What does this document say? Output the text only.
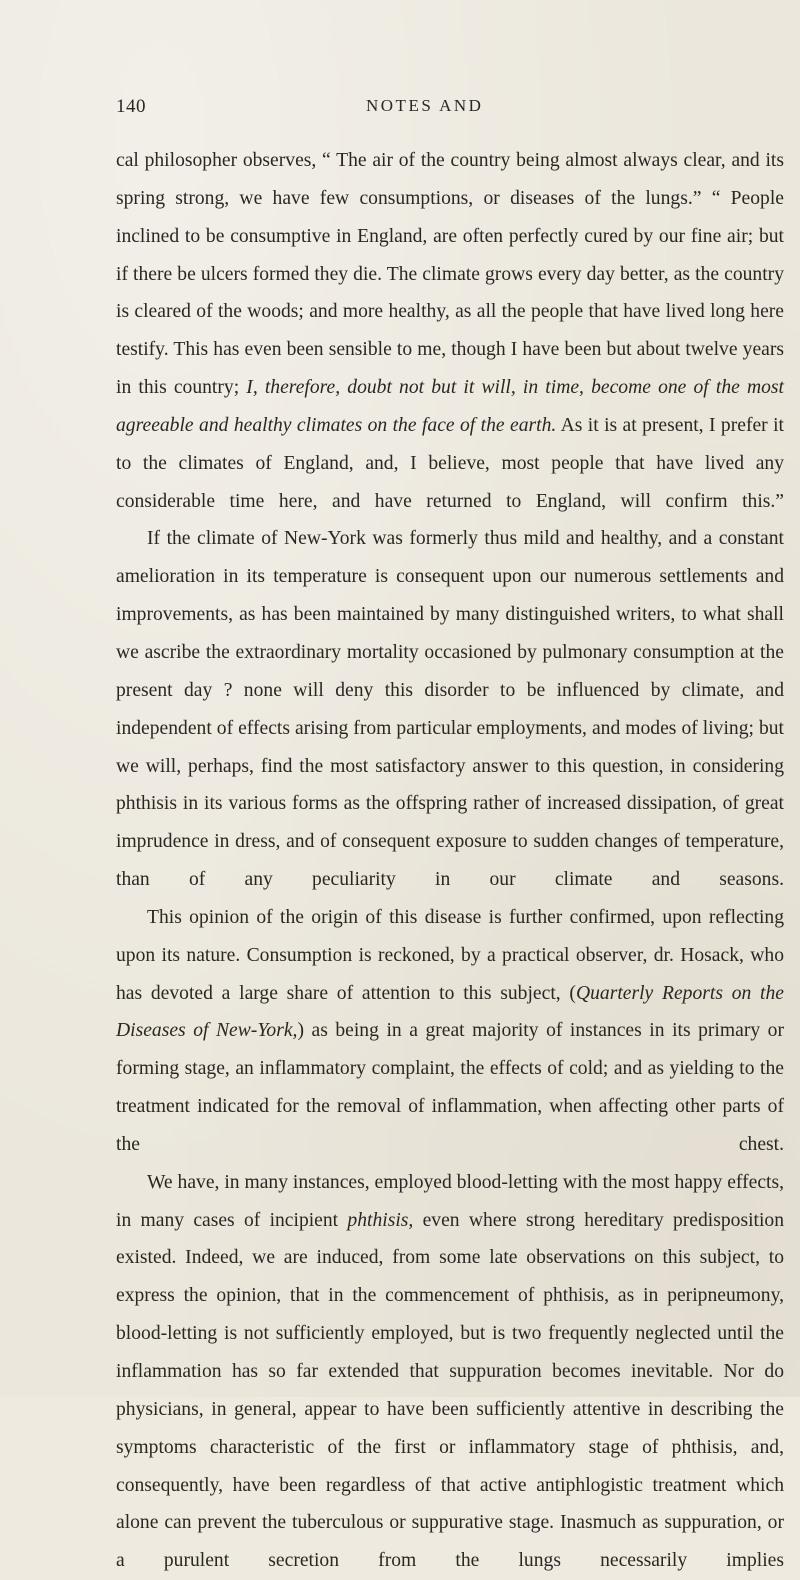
140	NOTES AND

cal philosopher observes, “ The air of the country being almost always clear, and its spring strong, we have few consumptions, or diseases of the lungs.” “ People inclined to be consumptive in England, are often perfectly cured by our fine air; but if there be ulcers formed they die. The climate grows every day better, as the country is cleared of the woods; and more healthy, as all the people that have lived long here testify. This has even been sensible to me, though I have been but about twelve years in this country; I, therefore, doubt not but it will, in time, become one of the most agreeable and healthy climates on the face of the earth. As it is at present, I prefer it to the climates of England, and, I believe, most people that have lived any considerable time here, and have returned to England, will confirm this.”

If the climate of New-York was formerly thus mild and healthy, and a constant amelioration in its temperature is consequent upon our numerous settlements and improvements, as has been maintained by many distinguished writers, to what shall we ascribe the extraordinary mortality occasioned by pulmonary consumption at the present day ? none will deny this disorder to be influenced by climate, and independent of effects arising from particular employments, and modes of living; but we will, perhaps, find the most satisfactory answer to this question, in considering phthisis in its various forms as the offspring rather of increased dissipation, of great imprudence in dress, and of consequent exposure to sudden changes of temperature, than of any peculiarity in our climate and seasons.

This opinion of the origin of this disease is further confirmed, upon reflecting upon its nature. Consumption is reckoned, by a practical observer, dr. Hosack, who has devoted a large share of attention to this subject, (Quarterly Reports on the Diseases of New-York,) as being in a great majority of instances in its primary or forming stage, an inflammatory complaint, the effects of cold; and as yielding to the treatment indicated for the removal of inflammation, when affecting other parts of the chest.

We have, in many instances, employed blood-letting with the most happy effects, in many cases of incipient phthisis, even where strong hereditary predisposition existed. Indeed, we are induced, from some late observations on this subject, to express the opinion, that in the commencement of phthisis, as in peripneumony, blood-letting is not sufficiently employed, but is two frequently neglected until the inflammation has so far extended that suppuration becomes inevitable. Nor do physicians, in general, appear to have been sufficiently attentive in describing the symptoms characteristic of the first or inflammatory stage of phthisis, and, consequently, have been regardless of that active antiphlogistic treatment which alone can prevent the tuberculous or suppurative stage. Inasmuch as suppuration, or a purulent secretion from the lungs necessarily implies
